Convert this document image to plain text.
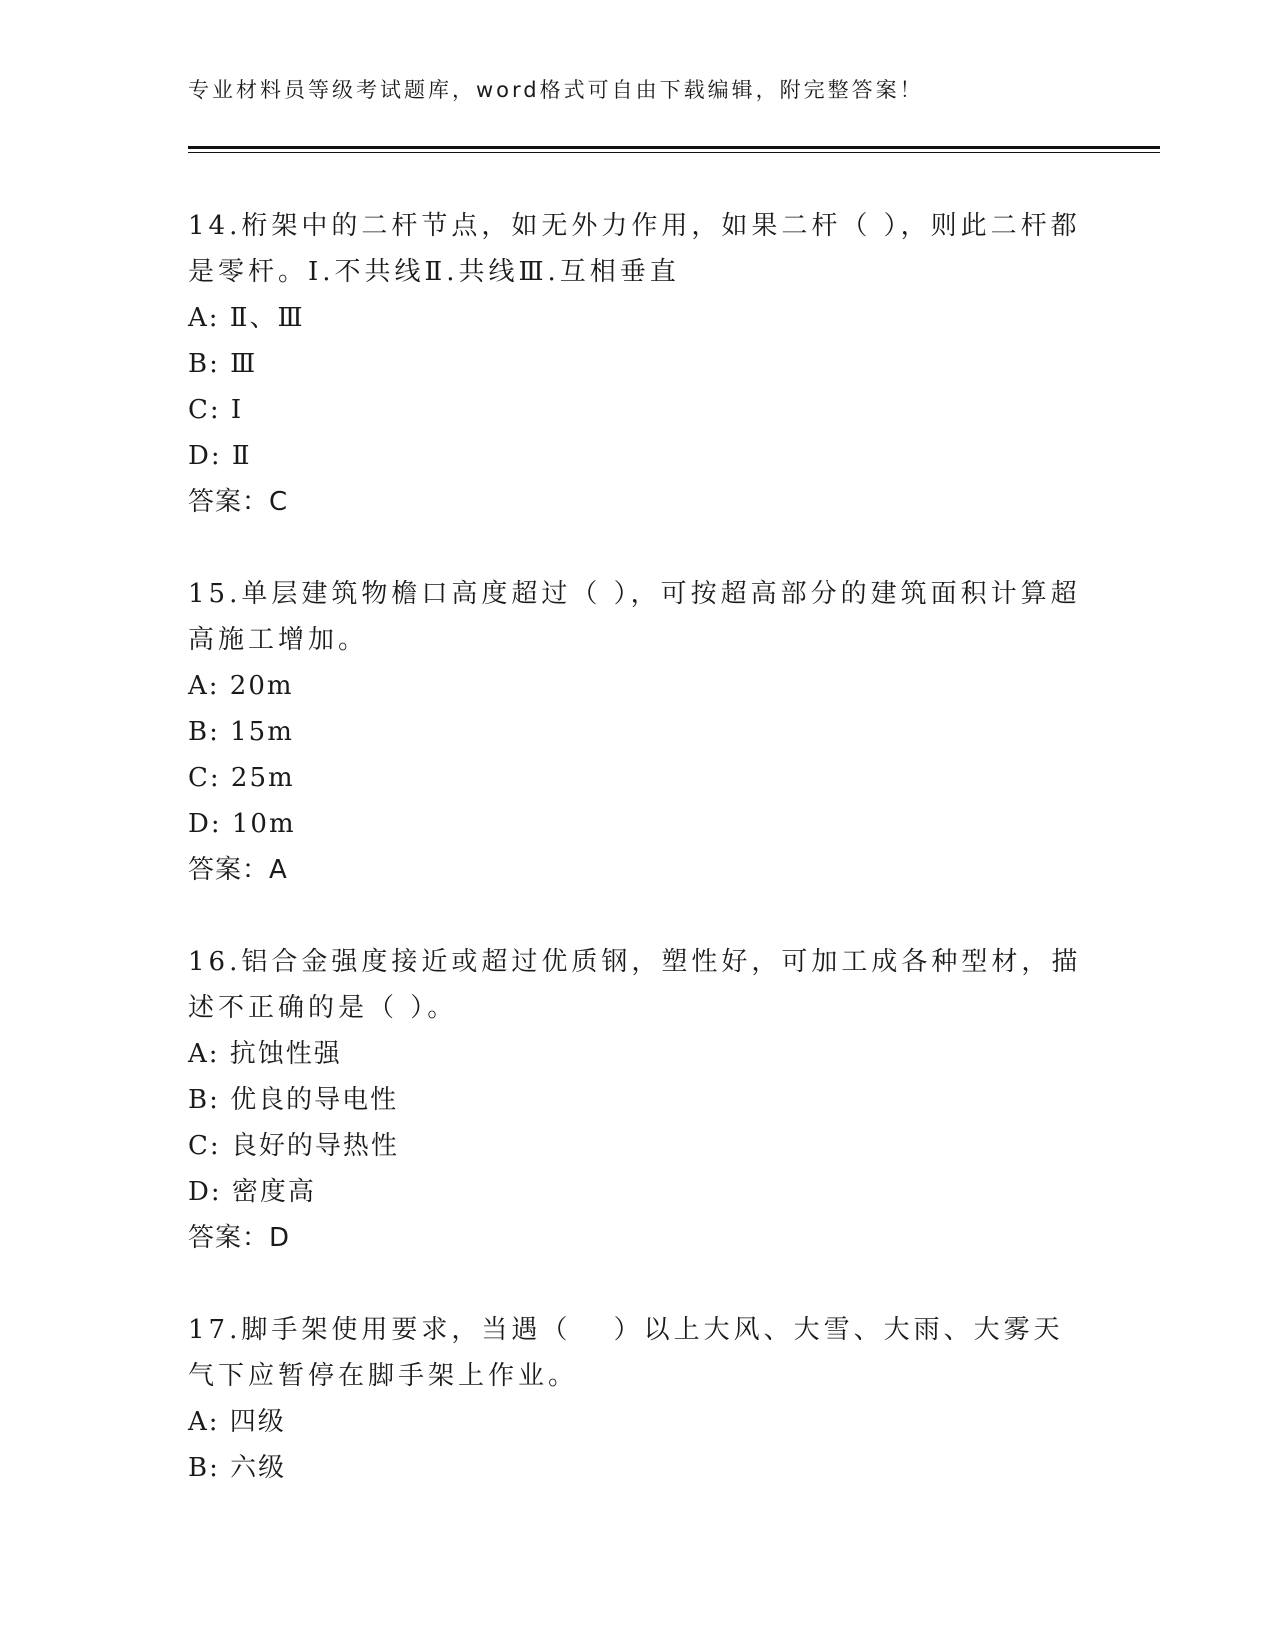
专业材料员等级考试题库，word格式可自由下载编辑，附完整答案！
14.桁架中的二杆节点，如无外力作用，如果二杆（ ），则此二杆都是零杆。I.不共线Ⅱ.共线Ⅲ.互相垂直
A: Ⅱ、Ⅲ
B: Ⅲ
C: Ⅰ
D: Ⅱ
答案：C
15.单层建筑物檐口高度超过（ ），可按超高部分的建筑面积计算超高施工增加。
A: 20m
B: 15m
C: 25m
D: 10m
答案：A
16.铝合金强度接近或超过优质钢，塑性好，可加工成各种型材，描述不正确的是（ ）。
A: 抗蚀性强
B: 优良的导电性
C: 良好的导热性
D: 密度高
答案：D
17.脚手架使用要求，当遇（　 ）以上大风、大雪、大雨、大雾天气下应暂停在脚手架上作业。
A: 四级
B: 六级
